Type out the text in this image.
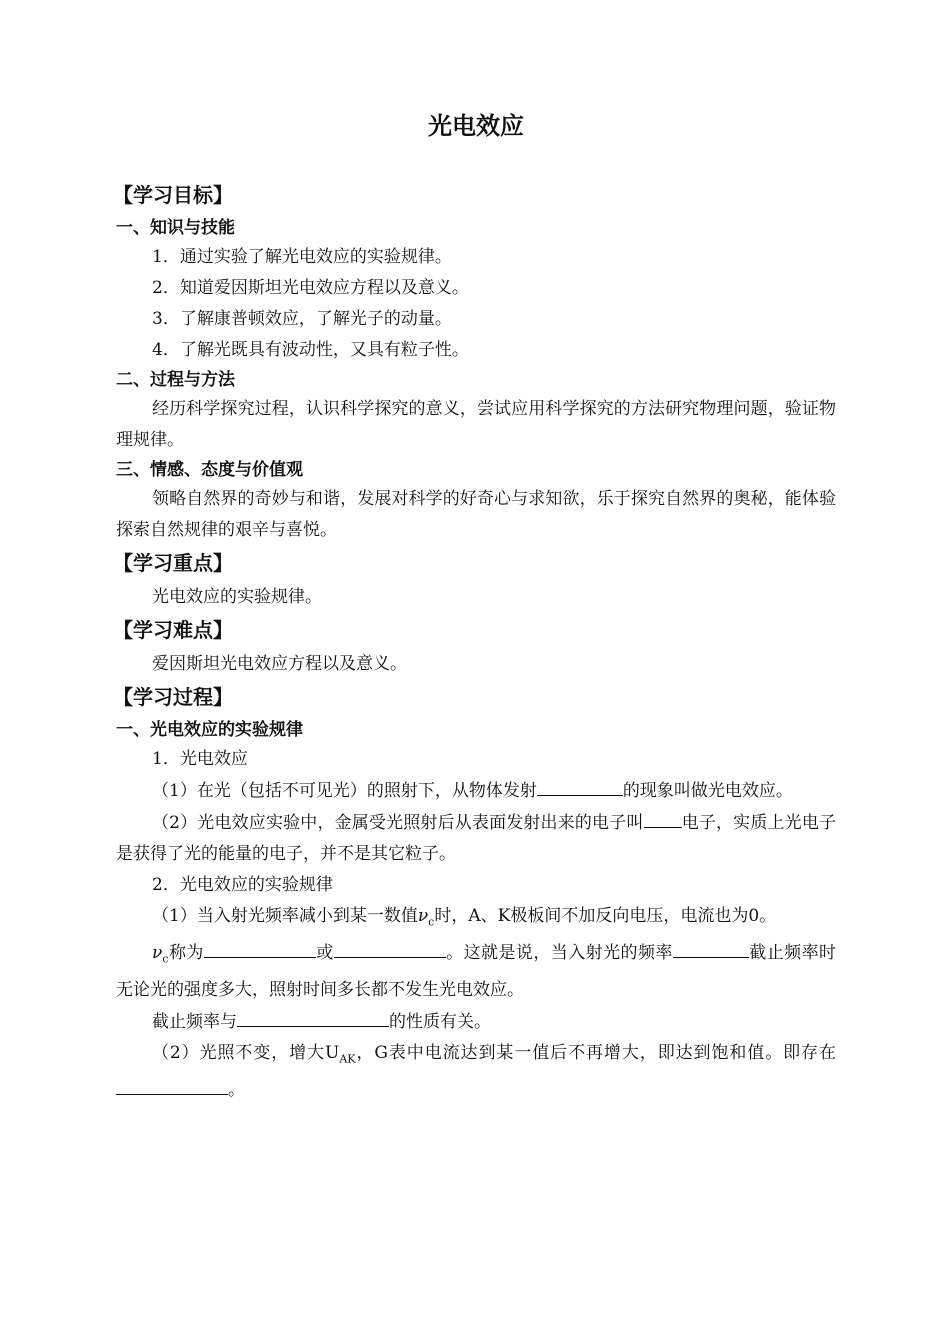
光电效应
【学习目标】
一、知识与技能

1．通过实验了解光电效应的实验规律。

2．知道爱因斯坦光电效应方程以及意义。

3．了解康普顿效应，了解光子的动量。

4．了解光既具有波动性，又具有粒子性。

二、过程与方法

经历科学探究过程，认识科学探究的意义，尝试应用科学探究的方法研究物理问题，验证物理规律。

三、情感、态度与价值观

领略自然界的奇妙与和谐，发展对科学的好奇心与求知欲，乐于探究自然界的奥秘，能体验探索自然规律的艰辛与喜悦。

【学习重点】

光电效应的实验规律。

【学习难点】

爱因斯坦光电效应方程以及意义。

【学习过程】
一、光电效应的实验规律

1．光电效应

（1）在光（包括不可见光）的照射下，从物体发射	的现象叫做光电效应。

（2）光电效应实验中，金属受光照射后从表面发射出来的电子叫 电子，实质上光电子是获得了光的能量的电子，并不是其它粒子。

2．光电效应的实验规律

（1）当入射光频率减小到某一数值$\nu_c$时，A、K极板间不加反向电压，电流也为0。

$\nu_c$称为	或	。这就是说，当入射光的频率	截止频率时无论光的强度多大，照射时间多长都不发生光电效应。

截止频率与	的性质有关。

（2）光照不变，增大$U_{AK}$，G表中电流达到某一值后不再增大，即达到饱和值。即存在。
